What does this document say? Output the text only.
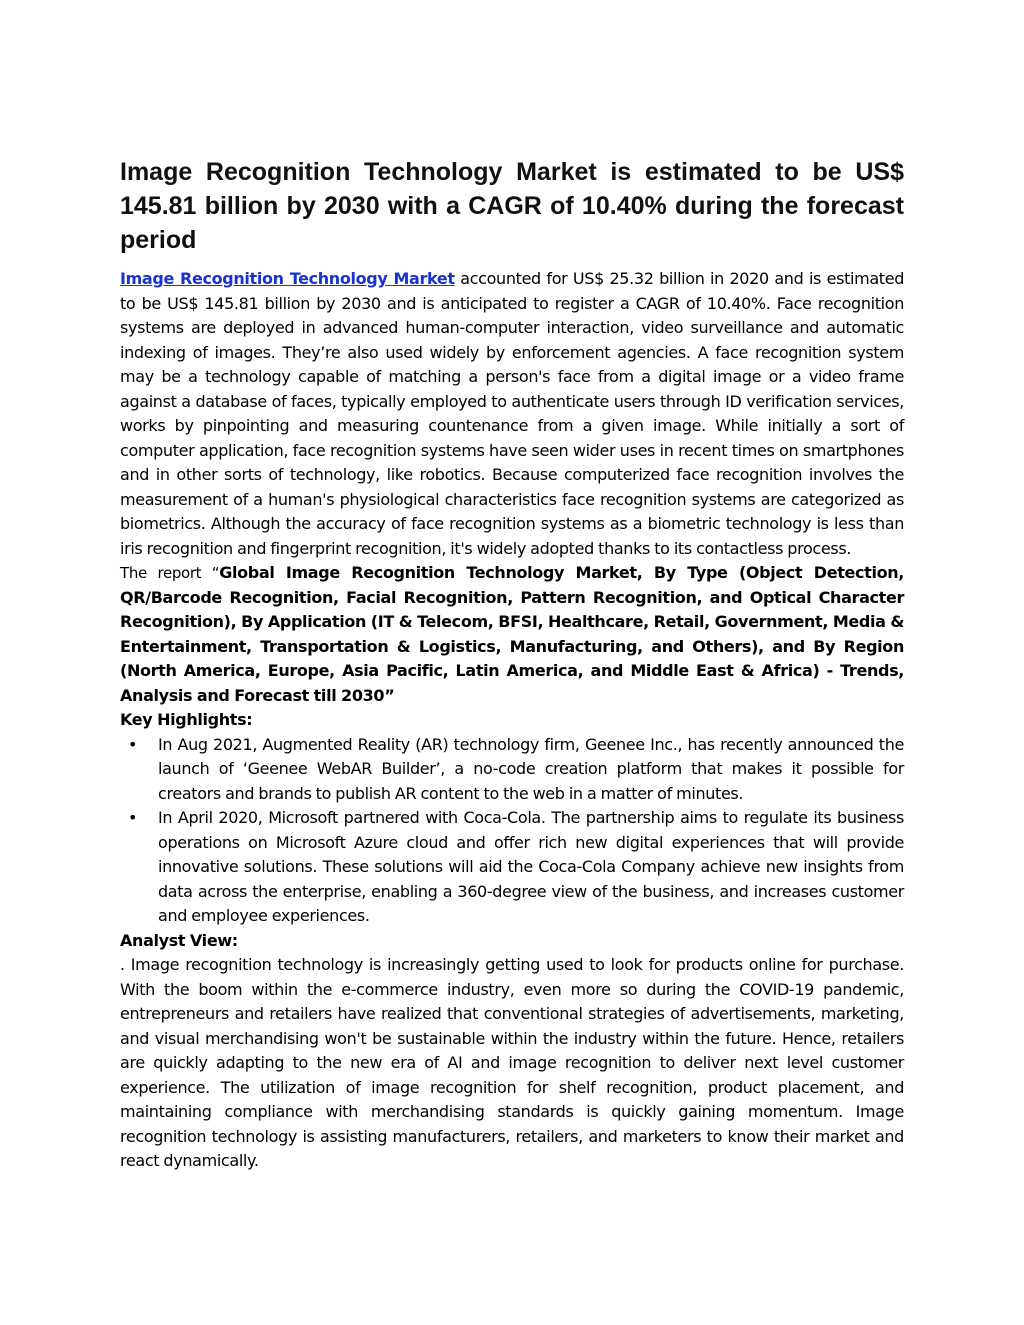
Image Recognition Technology Market is estimated to be US$ 145.81 billion by 2030 with a CAGR of 10.40% during the forecast period

Image Recognition Technology Market accounted for US$ 25.32 billion in 2020 and is estimated to be US$ 145.81 billion by 2030 and is anticipated to register a CAGR of 10.40%. Face recognition systems are deployed in advanced human-computer interaction, video surveillance and automatic indexing of images. They’re also used widely by enforcement agencies. A face recognition system may be a technology capable of matching a person's face from a digital image or a video frame against a database of faces, typically employed to authenticate users through ID verification services, works by pinpointing and measuring countenance from a given image. While initially a sort of computer application, face recognition systems have seen wider uses in recent times on smartphones and in other sorts of technology, like robotics. Because computerized face recognition involves the measurement of a human's physiological characteristics face recognition systems are categorized as biometrics. Although the accuracy of face recognition systems as a biometric technology is less than iris recognition and fingerprint recognition, it's widely adopted thanks to its contactless process.

The report “Global Image Recognition Technology Market, By Type (Object Detection, QR/Barcode Recognition, Facial Recognition, Pattern Recognition, and Optical Character Recognition), By Application (IT & Telecom, BFSI, Healthcare, Retail, Government, Media & Entertainment, Transportation & Logistics, Manufacturing, and Others), and By Region (North America, Europe, Asia Pacific, Latin America, and Middle East & Africa) - Trends, Analysis and Forecast till 2030”

Key Highlights:

• In Aug 2021, Augmented Reality (AR) technology firm, Geenee Inc., has recently announced the launch of ‘Geenee WebAR Builder’, a no-code creation platform that makes it possible for creators and brands to publish AR content to the web in a matter of minutes.
• In April 2020, Microsoft partnered with Coca-Cola. The partnership aims to regulate its business operations on Microsoft Azure cloud and offer rich new digital experiences that will provide innovative solutions. These solutions will aid the Coca-Cola Company achieve new insights from data across the enterprise, enabling a 360-degree view of the business, and increases customer and employee experiences.

Analyst View:

. Image recognition technology is increasingly getting used to look for products online for purchase. With the boom within the e-commerce industry, even more so during the COVID-19 pandemic, entrepreneurs and retailers have realized that conventional strategies of advertisements, marketing, and visual merchandising won't be sustainable within the industry within the future. Hence, retailers are quickly adapting to the new era of AI and image recognition to deliver next level customer experience. The utilization of image recognition for shelf recognition, product placement, and maintaining compliance with merchandising standards is quickly gaining momentum. Image recognition technology is assisting manufacturers, retailers, and marketers to know their market and react dynamically.
